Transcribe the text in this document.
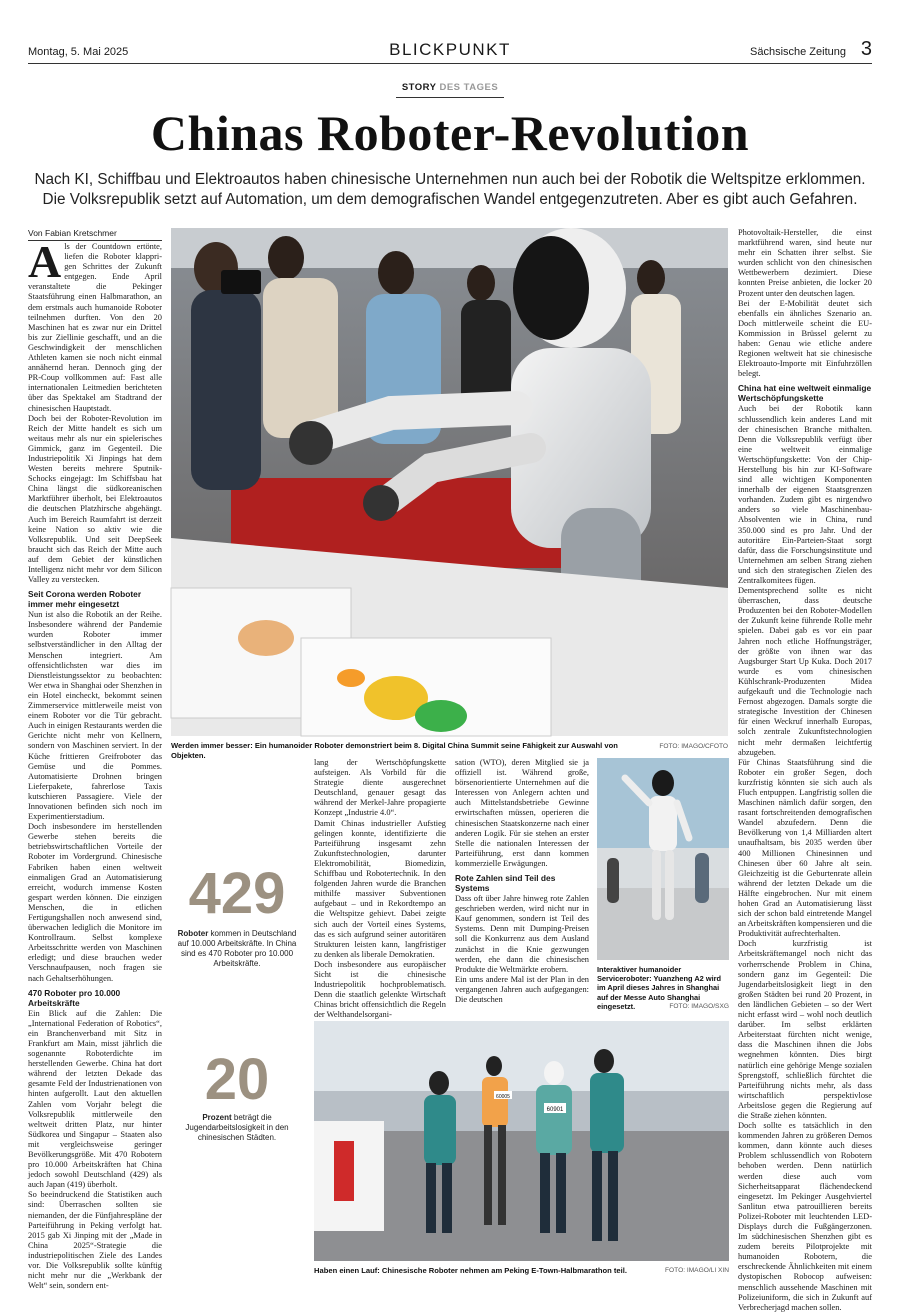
Montag, 5. Mai 2025	BLICKPUNKT	Sächsische Zeitung 3
STORY DES TAGES
Chinas Roboter-Revolution
Nach KI, Schiffbau und Elektroautos haben chinesische Unternehmen nun auch bei der Robotik die Weltspitze erklommen. Die Volksrepublik setzt auf Automation, um dem demografischen Wandel entgegenzutreten. Aber es gibt auch Gefahren.
Von Fabian Kretschmer

Als der Countdown ertönte, liefen die Roboter klapprigen Schrittes der Zukunft entgegen. Ende April veranstaltete die Pekinger Staatsführung einen Halbmarathon, an dem erstmals auch humanoide Roboter teilnehmen durften. Von den 20 Maschinen hat es zwar nur ein Drittel bis zur Ziellinie geschafft, und an die Geschwindigkeit der menschlichen Athleten kamen sie noch nicht einmal annähernd heran. Dennoch ging der PR-Coup vollkommen auf: Fast alle internationalen Leitmedien berichteten über das Spektakel am Stadtrand der chinesischen Hauptstadt.

Doch bei der Roboter-Revolution im Reich der Mitte handelt es sich um weitaus mehr als nur ein spielerisches Gimmick, ganz im Gegenteil. Die Industriepolitik Xi Jinpings hat dem Westen bereits mehrere Sputnik-Schocks eingejagt: Im Schiffsbau hat China längst die südkoreanischen Marktführer überholt, bei Elektroautos die deutschen Platzhirsche abgehängt. Auch im Bereich Raumfahrt ist derzeit keine Nation so aktiv wie die Volksrepublik. Und seit DeepSeek braucht sich das Reich der Mitte auch auf dem Gebiet der künstlichen Intelligenz nicht mehr vor dem Silicon Valley zu verstecken.

Seit Corona werden Roboter immer mehr eingesetzt

Nun ist also die Robotik an der Reihe. Insbesondere während der Pandemie wurden Roboter immer selbstverständlicher in den Alltag der Menschen integriert. Am offensichtlichsten war dies im Dienstleistungssektor zu beobachten: Wer etwa in Shanghai oder Shenzhen in ein Hotel eincheckt, bekommt seinen Zimmerservice mittlerweile meist von einem Roboter vor die Tür gebracht. Auch in einigen Restaurants werden die Gerichte nicht mehr von Kellnern, sondern von Maschinen serviert. In der Küche frittieren Greifroboter das Gemüse und die Pommes. Automatisierte Drohnen bringen Lieferpakete, fahrerlose Taxis kutschieren Passagiere. Viele der Innovationen befinden sich noch im Experimentierstadium.

Doch insbesondere im herstellenden Gewerbe stehen bereits die betriebswirtschaftlichen Vorteile der Roboter im Vordergrund. Chinesische Fabriken haben einen weltweit einmaligen Grad an Automatisierung erreicht, wodurch immense Kosten gespart werden können. Die einzigen Menschen, die in etlichen Fertigungshallen noch anwesend sind, überwachen lediglich die Monitore im Kontrollraum. Selbst komplexe Arbeitsschritte werden von Maschinen erledigt; und diese brauchen weder Verschnaufpausen, noch fragen sie nach Gehaltserhöhungen.

470 Roboter pro 10.000 Arbeitskräfte

Ein Blick auf die Zahlen: Die „International Federation of Robotics“, ein Branchenverband mit Sitz in Frankfurt am Main, misst jährlich die sogenannte Roboterdichte im herstellenden Gewerbe. China hat dort während der letzten Dekade das gesamte Feld der Industrienationen von hinten aufgerollt. Laut den aktuellen Zahlen vom Vorjahr belegt die Volksrepublik mittlerweile den weltweit dritten Platz, nur hinter Südkorea und Singapur – Staaten also mit vergleichsweise geringer Bevölkerungsgröße. Mit 470 Robotern pro 10.000 Arbeitskräften hat China jedoch sowohl Deutschland (429) als auch Japan (419) überholt.

So beeindruckend die Statistiken auch sind: Überraschen sollten sie niemanden, der die Fünfjahrespläne der Parteiführung in Peking verfolgt hat. 2015 gab Xi Jinping mit der „Made in China 2025“-Strategie die industriepolitischen Ziele des Landes vor. Die Volksrepublik sollte künftig nicht mehr nur die „Werkbank der Welt“ sein, sondern ent-

Werden immer besser: Ein humanoider Roboter demonstriert beim 8. Digital China Summit seine Fähigkeit zur Auswahl von Objekten.
FOTO: IMAGO/CFOTO

lang der Wertschöpfungskette aufsteigen. Als Vorbild für die Strategie diente ausgerechnet Deutschland, genauer gesagt das während der Merkel-Jahre propagierte Konzept „Industrie 4.0“.

Damit Chinas industrieller Aufstieg gelingen konnte, identifizierte die Parteiführung insgesamt zehn Zukunftstechnologien, darunter Elektromobilität, Biomedizin, Schiffbau und Robotertechnik. In den folgenden Jahren wurde die Branchen mithilfe massiver Subventionen aufgebaut – und in Rekordtempo an die Weltspitze gehievt. Dabei zeigte sich auch der Vorteil eines Systems, das es sich aufgrund seiner autoritären Strukturen leisten kann, langfristiger zu denken als liberale Demokratien.

Doch insbesondere aus europäischer Sicht ist die chinesische Industriepolitik hochproblematisch. Denn die staatlich gelenkte Wirtschaft Chinas bricht offensichtlich die Regeln der Welthandelsorgani-

429
Roboter kommen in Deutschland auf 10.000 Arbeitskräfte. In China sind es 470 Roboter pro 10.000 Arbeitskräfte.

sation (WTO), deren Mitglied sie ja offiziell ist. Während große, börsenorientierte Unternehmen auf die Interessen von Anlegern achten und auch Mittelstandsbetriebe Gewinne erwirtschaften müssen, operieren die chinesischen Staatskonzerne nach einer anderen Logik. Für sie stehen an erster Stelle die nationalen Interessen der Parteiführung, erst dann kommen kommerzielle Erwägungen.

Rote Zahlen sind Teil des Systems

Dass oft über Jahre hinweg rote Zahlen geschrieben werden, wird nicht nur in Kauf genommen, sondern ist Teil des Systems. Denn mit Dumping-Preisen soll die Konkurrenz aus dem Ausland zunächst in die Knie gezwungen werden, ehe dann die chinesischen Produkte die Weltmärkte erobern.

Ein ums andere Mal ist der Plan in den vergangenen Jahren auch aufgegangen: Die deutschen

Interaktiver humanoider Serviceroboter: Yuanzheng A2 wird im April dieses Jahres in Shanghai auf der Messe Auto Shanghai eingesetzt.	FOTO: IMAGO/SXG
20
Prozent beträgt die Jugendarbeitslosigkeit in den chinesischen Städten.
60901
60005
Haben einen Lauf: Chinesische Roboter nehmen am Peking E-Town-Halbmarathon teil.	FOTO: IMAGO/LI XIN

Photovoltaik-Hersteller, die einst marktführend waren, sind heute nur mehr ein Schatten ihrer selbst. Sie wurden schlicht von den chinesischen Wettbewerbern dezimiert. Diese konnten Preise anbieten, die locker 20 Prozent unter den deutschen lagen.

Bei der E-Mobilität deutet sich ebenfalls ein ähnliches Szenario an. Doch mittlerweile scheint die EU-Kommission in Brüssel gelernt zu haben: Genau wie etliche andere Regionen weltweit hat sie chinesische Elektroauto-Importe mit Einfuhrzöllen belegt.

China hat eine weltweit einmalige Wertschöpfungskette

Auch bei der Robotik kann schlussendlich kein anderes Land mit der chinesischen Branche mithalten. Denn die Volksrepublik verfügt über eine weltweit einmalige Wertschöpfungskette: Von der Chip-Herstellung bis hin zur KI-Software sind alle wichtigen Komponenten innerhalb der eigenen Staatsgrenzen vorhanden. Zudem gibt es nirgendwo anders so viele Maschinenbau-Absolventen wie in China, rund 350.000 sind es pro Jahr. Und der autoritäre Ein-Parteien-Staat sorgt dafür, dass die Forschungsinstitute und Unternehmen am selben Strang ziehen und sich den strategischen Zielen des Zentralkomitees fügen.

Dementsprechend sollte es nicht überraschen, dass deutsche Produzenten bei den Roboter-Modellen der Zukunft keine führende Rolle mehr spielen. Dabei gab es vor ein paar Jahren noch etliche Hoffnungsträger, der größte von ihnen war das Augsburger Start Up Kuka. Doch 2017 wurde es vom chinesischen Kühlschrank-Produzenten Midea aufgekauft und die Technologie nach Fernost abgezogen. Damals sorgte die strategische Investition der Chinesen für einen Weckruf innerhalb Europas, solch zentrale Zukunftstechnologien nicht mehr dermaßen leichtfertig abzugeben.

Für Chinas Staatsführung sind die Roboter ein großer Segen, doch kurzfristig könnten sie sich auch als Fluch entpuppen. Langfristig sollen die Maschinen nämlich dafür sorgen, den rasant fortschreitenden demografischen Wandel abzufedern. Denn die Bevölkerung von 1,4 Milliarden altert unaufhaltsam, bis 2035 werden über 400 Millionen Chinesinnen und Chinesen über 60 Jahre alt sein. Gleichzeitig ist die Geburtenrate allein während der letzten Dekade um die Hälfte eingebrochen. Nur mit einem hohen Grad an Automatisierung lässt sich der schon bald eintretende Mangel an Arbeitskräften kompensieren und die Produktivität aufrechterhalten.

Doch kurzfristig ist Arbeitskräftemangel noch nicht das vorherrschende Problem in China, sondern ganz im Gegenteil: Die Jugendarbeitslosigkeit liegt in den großen Städten bei rund 20 Prozent, in den ländlichen Gebieten – so der Wert nicht erfasst wird – wohl noch deutlich darüber. Im selbst erklärten Arbeiterstaat fürchten nicht wenige, dass die Maschinen ihnen die Jobs wegnehmen könnten. Dies birgt natürlich eine gehörige Menge sozialen Sprengstoff, schließlich fürchtet die Parteiführung nichts mehr, als dass wirtschaftlich perspektivlose Arbeitslose gegen die Regierung auf die Straße ziehen könnten.

Doch sollte es tatsächlich in den kommenden Jahren zu größeren Demos kommen, dann könnte auch dieses Problem schlussendlich von Robotern behoben werden. Denn natürlich werden diese auch vom Sicherheitsapparat flächendeckend eingesetzt. Im Pekinger Ausgehviertel Sanlitun etwa patrouillieren bereits Polizei-Roboter mit leuchtenden LED-Displays durch die Fußgängerzonen. Im südchinesischen Shenzhen gibt es zudem bereits Pilotprojekte mit humanoiden Robotern, die erschreckende Ähnlichkeiten mit einem dystopischen Robocop aufweisen: menschlich aussehende Maschinen mit Polizeiuniform, die sich in Zukunft auf Verbrecherjagd machen sollen.
